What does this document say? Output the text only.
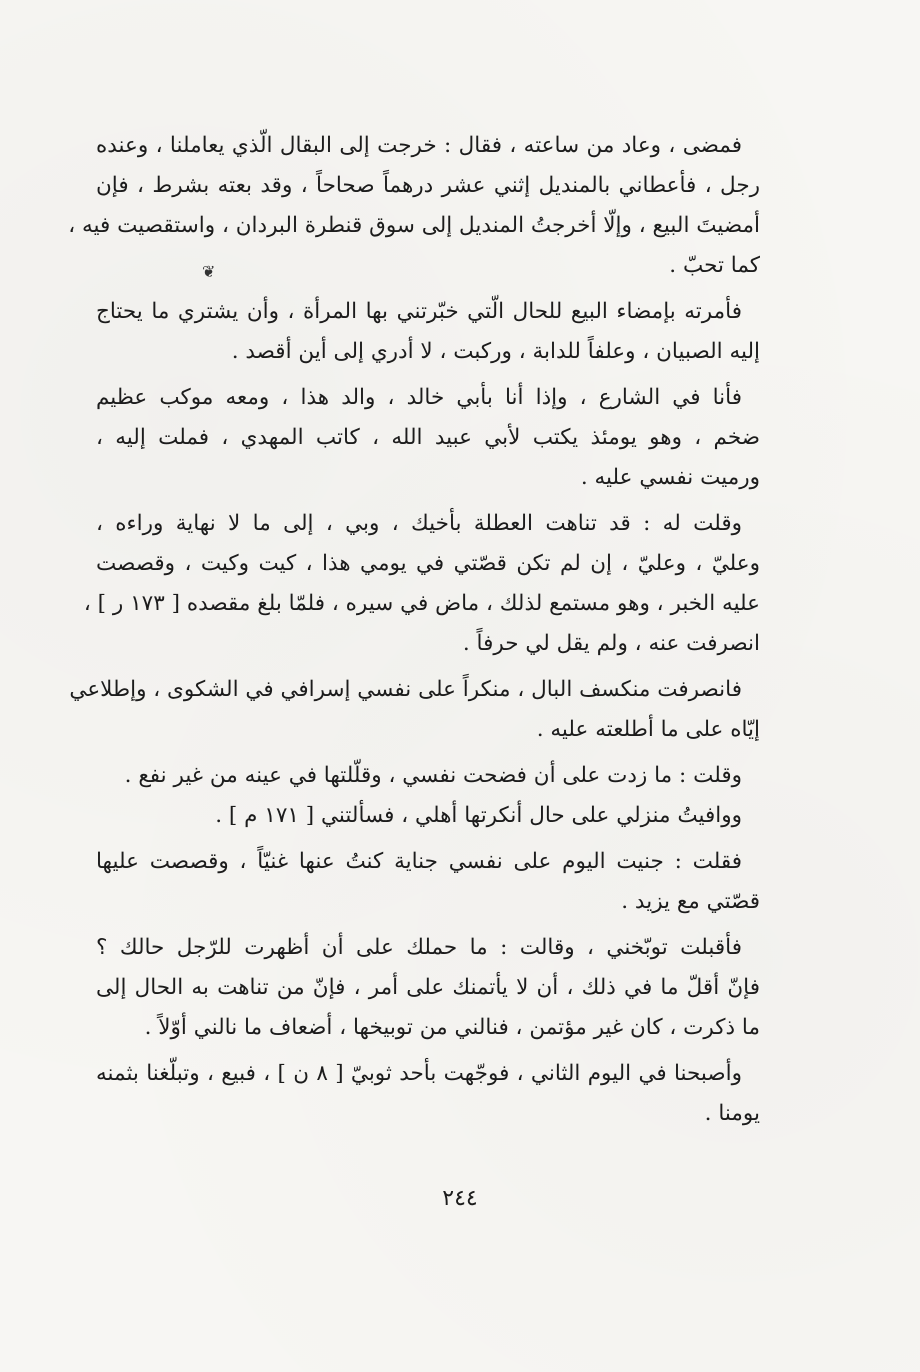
فمضى ، وعاد من ساعته ، فقال : خرجت إلى البقال الّذي يعاملنا ، وعنده
رجل ، فأعطاني بالمنديل إثني عشر درهماً صحاحاً ، وقد بعته بشرط ، فإن
أمضيتَ البيع ، وإلّا أخرجتُ المنديل إلى سوق قنطرة البردان ، واستقصيت فيه ،
كما تحبّ .
فأمرته بإمضاء البيع للحال الّتي خبّرتني بها المرأة ، وأن يشتري ما يحتاج
إليه الصبيان ، وعلفاً للدابة ، وركبت ، لا أدري إلى أين أقصد .
فأنا في الشارع ، وإذا أنا بأبي خالد ، والد هذا ، ومعه موكب عظيم
ضخم ، وهو يومئذ يكتب لأبي عبيد الله ، كاتب المهدي ، فملت إليه ،
ورميت نفسي عليه .
وقلت له : قد تناهت العطلة بأخيك ، وبي ، إلى ما لا نهاية وراءه ،
وعليّ ، وعليّ ، إن لم تكن قصّتي في يومي هذا ، كيت وكيت ، وقصصت
عليه الخبر ، وهو مستمع لذلك ، ماض في سيره ، فلمّا بلغ مقصده [ ١٧٣ ر ] ،
انصرفت عنه ، ولم يقل لي حرفاً .
فانصرفت منكسف البال ، منكراً على نفسي إسرافي في الشكوى ، وإطلاعي
إيّاه على ما أطلعته عليه .
وقلت : ما زدت على أن فضحت نفسي ، وقلّلتها في عينه من غير نفع .
ووافيتُ منزلي على حال أنكرتها أهلي ، فسألتني [ ١٧١ م ] .
فقلت : جنيت اليوم على نفسي جناية كنتُ عنها غنيّاً ، وقصصت عليها
قصّتي مع يزيد .
فأقبلت توبّخني ، وقالت : ما حملك على أن أظهرت للرّجل حالك ؟
فإنّ أقلّ ما في ذلك ، أن لا يأتمنك على أمر ، فإنّ من تناهت به الحال إلى
ما ذكرت ، كان غير مؤتمن ، فنالني من توبيخها ، أضعاف ما نالني أوّلاً .
وأصبحنا في اليوم الثاني ، فوجّهت بأحد ثوبيّ [ ٨ ن ] ، فبيع ، وتبلّغنا بثمنه
يومنا .
❦
٢٤٤
